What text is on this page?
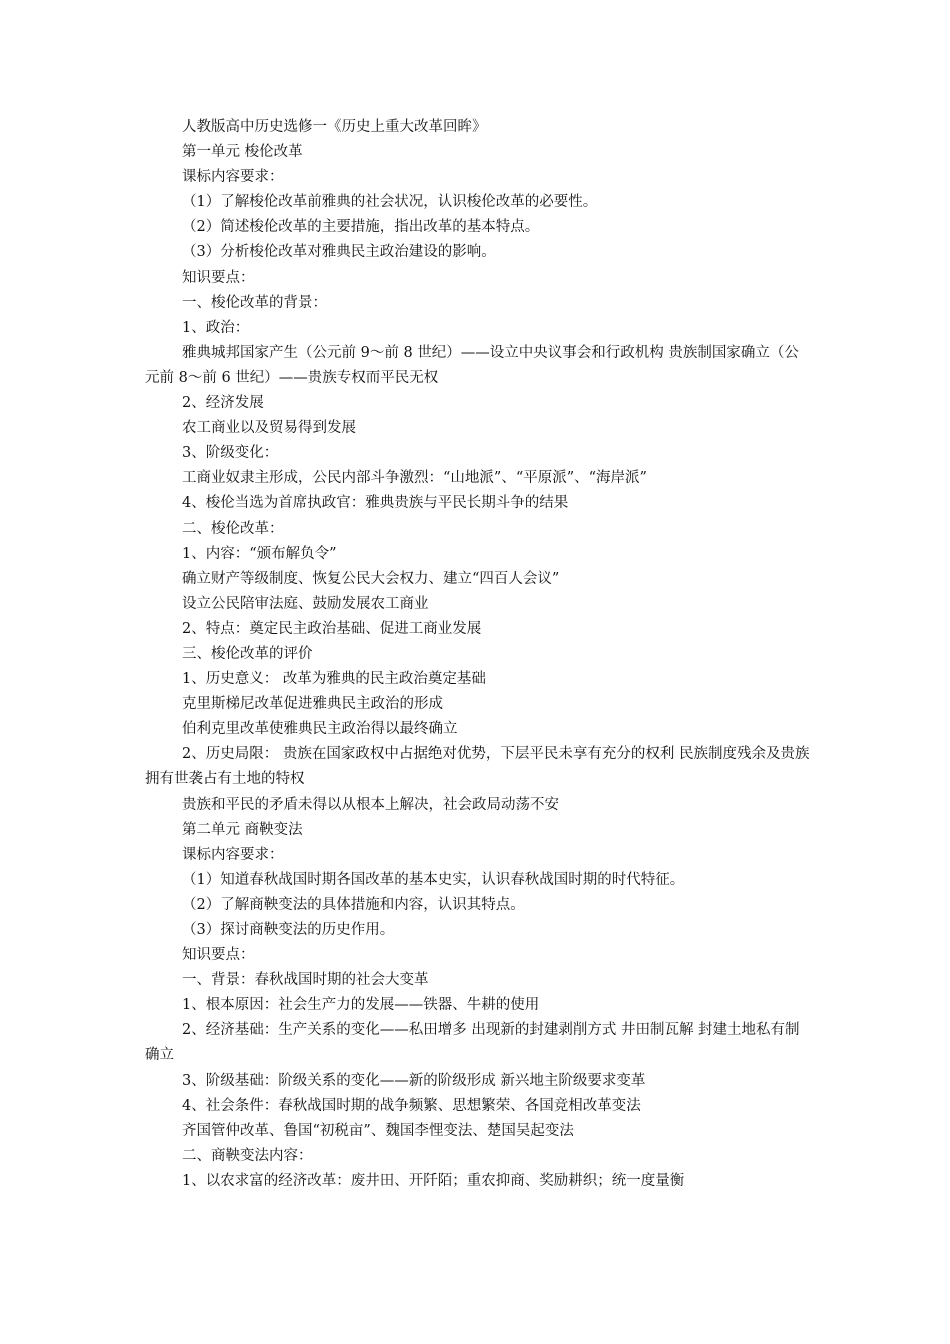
人教版高中历史选修一《历史上重大改革回眸》

第一单元 梭伦改革

课标内容要求：

（1）了解梭伦改革前雅典的社会状况，认识梭伦改革的必要性。

（2）简述梭伦改革的主要措施，指出改革的基本特点。

（3）分析梭伦改革对雅典民主政治建设的影响。

知识要点：

一、梭伦改革的背景：

1、政治：

雅典城邦国家产生（公元前 9～前 8 世纪）——设立中央议事会和行政机构 贵族制国家确立（公元前 8～前 6 世纪）——贵族专权而平民无权

2、经济发展

农工商业以及贸易得到发展

3、阶级变化：

工商业奴隶主形成，公民内部斗争激烈：“山地派”、“平原派”、“海岸派”

4、梭伦当选为首席执政官：雅典贵族与平民长期斗争的结果

二、梭伦改革：

1、内容：“颁布解负令”

确立财产等级制度、恢复公民大会权力、建立“四百人会议”

设立公民陪审法庭、鼓励发展农工商业

2、特点：奠定民主政治基础、促进工商业发展

三、梭伦改革的评价

1、历史意义： 改革为雅典的民主政治奠定基础

克里斯梯尼改革促进雅典民主政治的形成

伯利克里改革使雅典民主政治得以最终确立

2、历史局限： 贵族在国家政权中占据绝对优势，下层平民未享有充分的权利 民族制度残余及贵族拥有世袭占有土地的特权

贵族和平民的矛盾未得以从根本上解决，社会政局动荡不安

第二单元 商鞅变法

课标内容要求：

（1）知道春秋战国时期各国改革的基本史实，认识春秋战国时期的时代特征。

（2）了解商鞅变法的具体措施和内容，认识其特点。

（3）探讨商鞅变法的历史作用。

知识要点：

一、背景：春秋战国时期的社会大变革

1、根本原因：社会生产力的发展——铁器、牛耕的使用

2、经济基础：生产关系的变化——私田增多 出现新的封建剥削方式 井田制瓦解 封建土地私有制确立

3、阶级基础：阶级关系的变化——新的阶级形成 新兴地主阶级要求变革

4、社会条件：春秋战国时期的战争频繁、思想繁荣、各国竞相改革变法

齐国管仲改革、鲁国“初税亩”、魏国李悝变法、楚国吴起变法

二、商鞅变法内容：

1、以农求富的经济改革：废井田、开阡陌；重农抑商、奖励耕织；统一度量衡
